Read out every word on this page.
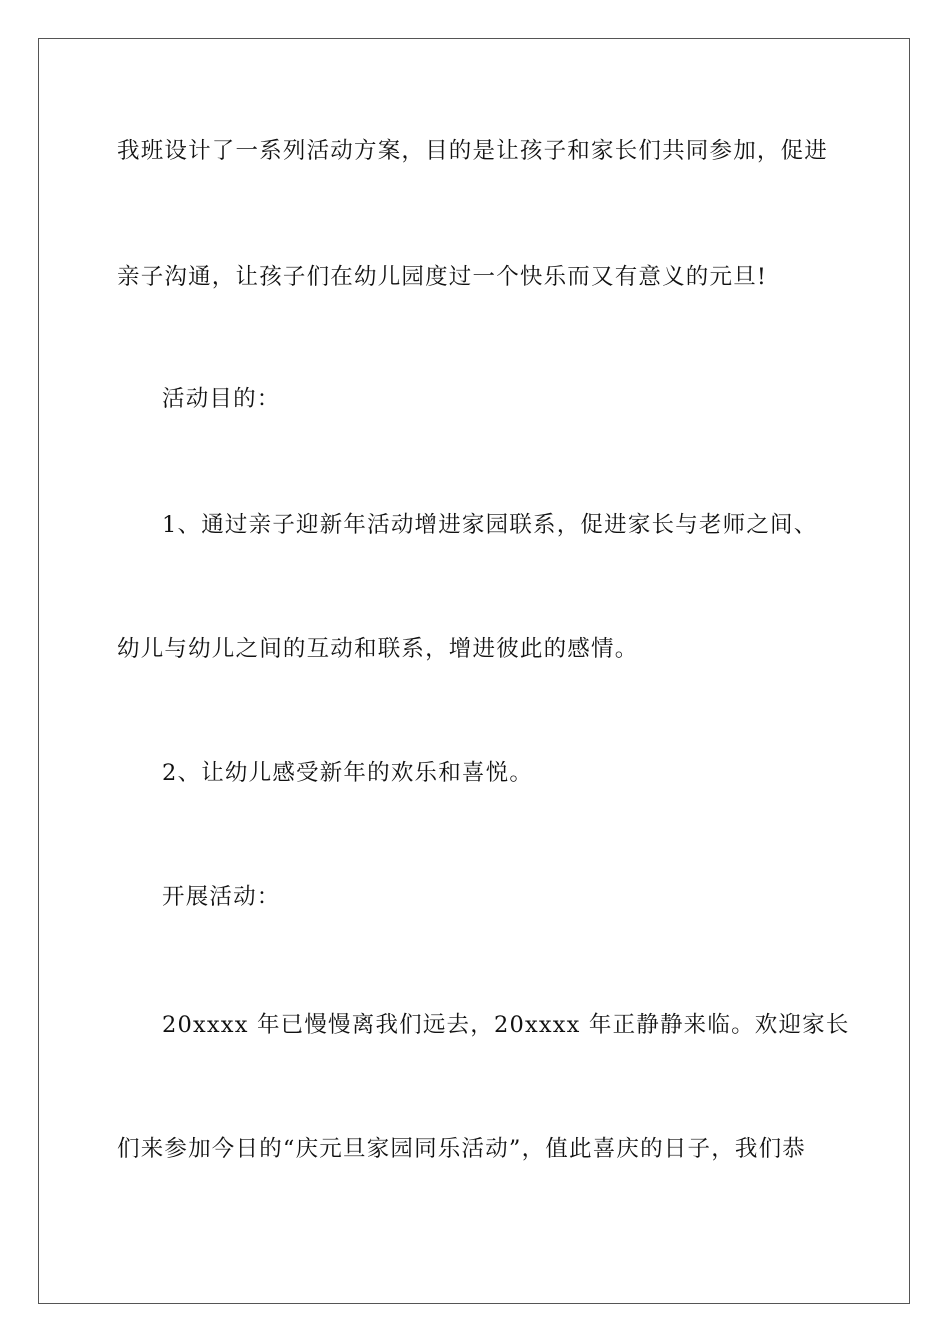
我班设计了一系列活动方案，目的是让孩子和家长们共同参加，促进
亲子沟通，让孩子们在幼儿园度过一个快乐而又有意义的元旦!
活动目的：
1、通过亲子迎新年活动增进家园联系，促进家长与老师之间、
幼儿与幼儿之间的互动和联系，增进彼此的感情。
2、让幼儿感受新年的欢乐和喜悦。
开展活动：
20xxxx 年已慢慢离我们远去，20xxxx 年正静静来临。欢迎家长
们来参加今日的“庆元旦家园同乐活动”，值此喜庆的日子，我们恭
